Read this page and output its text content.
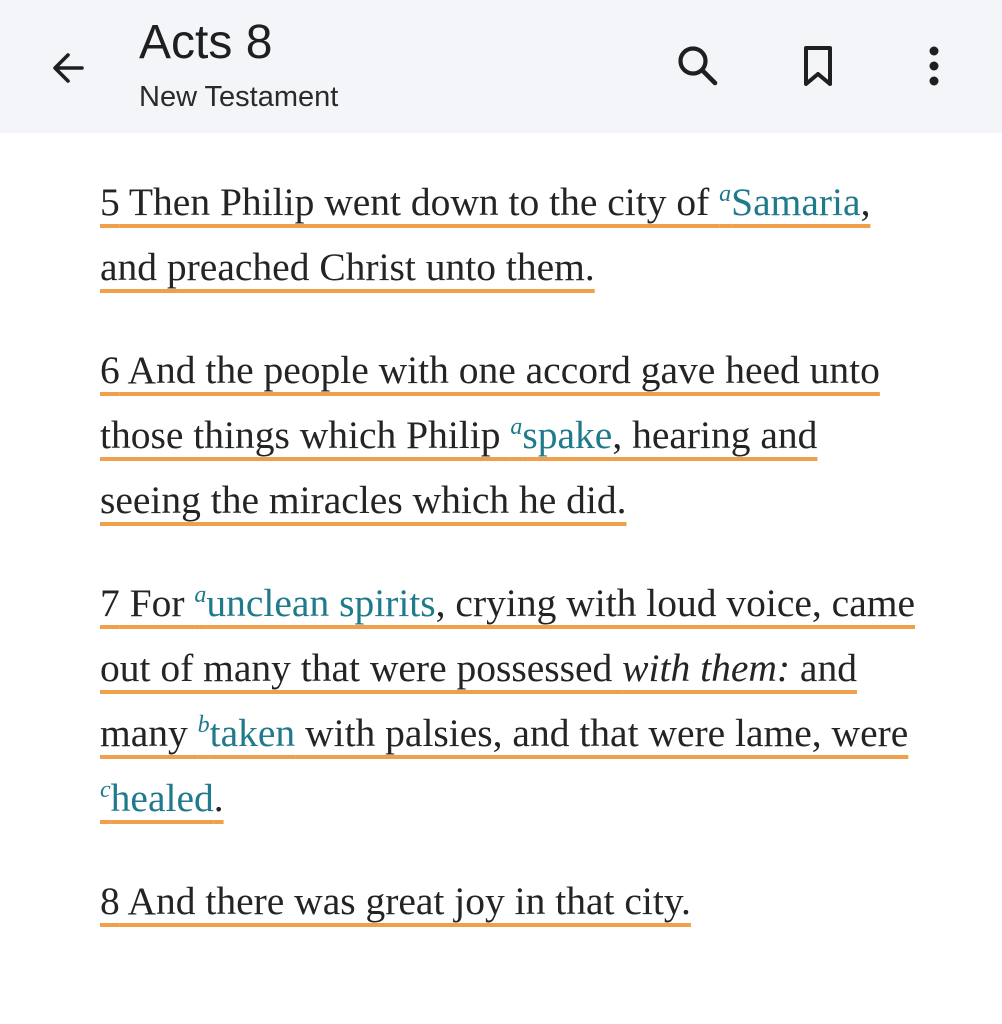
Acts 8
New Testament

5 Then Philip went down to the city of $^a$Samaria, and preached Christ unto them.

6 And the people with one accord gave heed unto those things which Philip $^a$spake, hearing and seeing the miracles which he did.

7 For $^a$unclean spirits, crying with loud voice, came out of many that were possessed with them: and many $^b$taken with palsies, and that were lame, were $^c$healed.

8 And there was great joy in that city.
